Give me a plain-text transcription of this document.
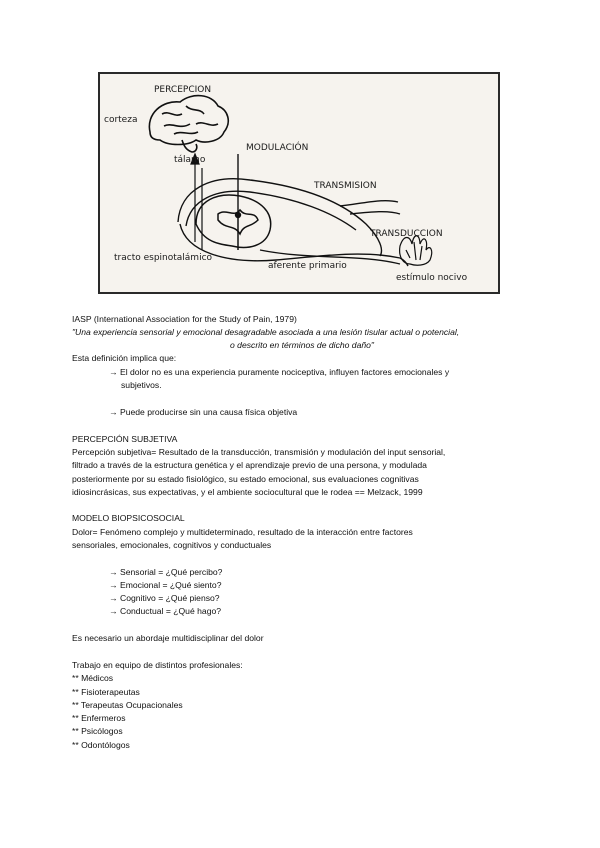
PERCEPCION
corteza
MODULACIÓN
tálamo
TRANSMISION
TRANSDUCCION
tracto espinotalámico
aferente primario
estímulo nocivo
IASP (International Association for the Study of Pain, 1979)
"Una experiencia sensorial y emocional desagradable asociada a una lesión tisular actual o potencial,
o descrito en términos de dicho daño"
Esta definición implica que:
→ El dolor no es una experiencia puramente nociceptiva, influyen factores emocionales y
subjetivos.
→ Puede producirse sin una causa física objetiva
PERCEPCIÓN SUBJETIVA
Percepción subjetiva= Resultado de la transducción, transmisión y modulación del input sensorial,
filtrado a través de la estructura genética y el aprendizaje previo de una persona, y modulada
posteriormente por su estado fisiológico, su estado emocional, sus evaluaciones cognitivas
idiosincrásicas, sus expectativas, y el ambiente sociocultural que le rodea == Melzack, 1999
MODELO BIOPSICOSOCIAL
Dolor= Fenómeno complejo y multideterminado, resultado de la interacción entre factores
sensoriales, emocionales, cognitivos y conductuales
→ Sensorial = ¿Qué percibo?
→ Emocional = ¿Qué siento?
→ Cognitivo = ¿Qué pienso?
→ Conductual = ¿Qué hago?
Es necesario un abordaje multidisciplinar del dolor
Trabajo en equipo de distintos profesionales:
** Médicos
** Fisioterapeutas
** Terapeutas Ocupacionales
** Enfermeros
** Psicólogos
** Odontólogos
